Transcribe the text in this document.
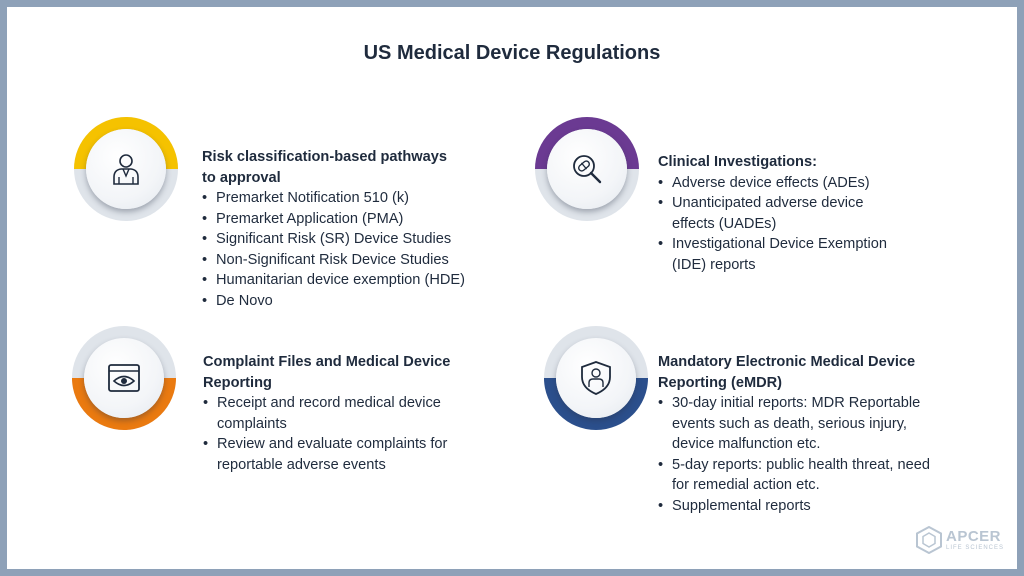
US Medical Device Regulations

Risk classification-based pathways to approval

• Premarket Notification 510 (k)
• Premarket Application (PMA)
• Significant Risk (SR) Device Studies
• Non-Significant Risk Device Studies
• Humanitarian device exemption (HDE)
• De Novo

Clinical Investigations:

• Adverse device effects (ADEs)
• Unanticipated adverse device effects (UADEs)
• Investigational Device Exemption (IDE) reports

Complaint Files and Medical Device Reporting

• Receipt and record medical device complaints
• Review and evaluate complaints for reportable adverse events

Mandatory Electronic Medical Device Reporting (eMDR)

• 30-day initial reports: MDR Reportable events such as death, serious injury, device malfunction etc.
• 5-day reports: public health threat, need for remedial action etc.
• Supplemental reports
APCER
LIFE SCIENCES
